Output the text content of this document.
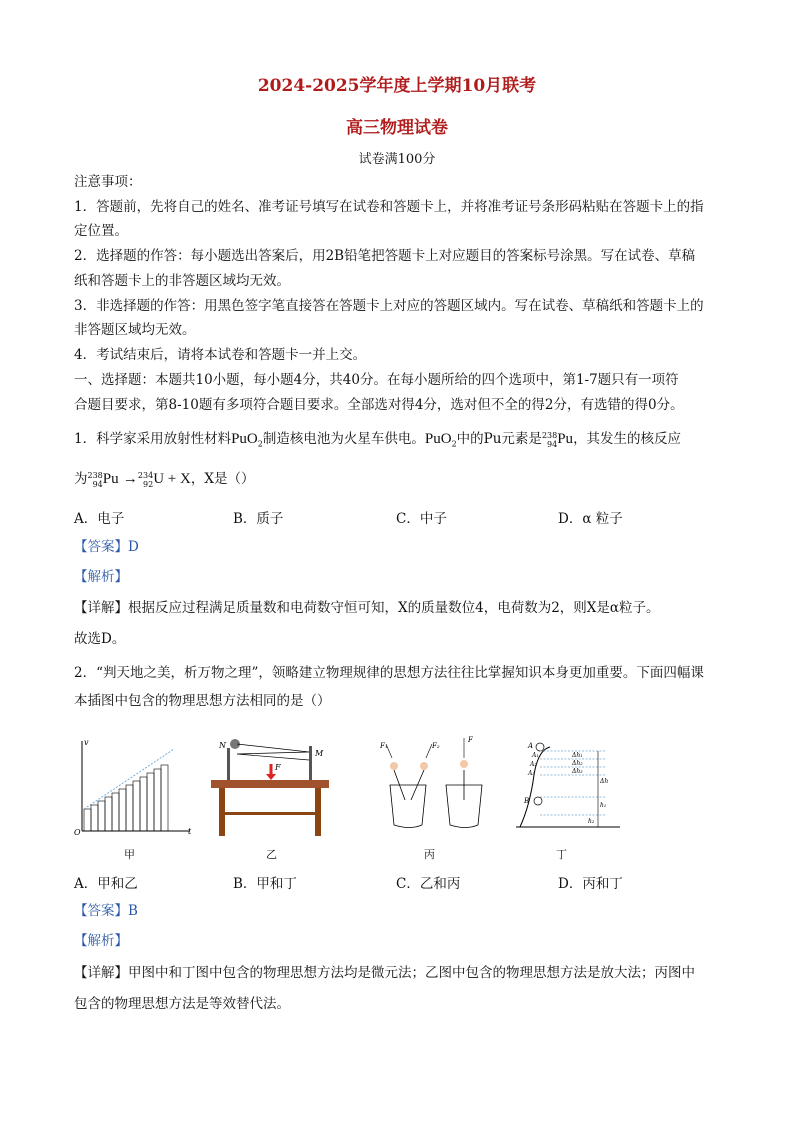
2024-2025学年度上学期10月联考
高三物理试卷
试卷满100分
注意事项：
1．答题前，先将自己的姓名、准考证号填写在试卷和答题卡上，并将准考证号条形码粘贴在答题卡上的指
定位置。
2．选择题的作答：每小题选出答案后，用2B铅笔把答题卡上对应题目的答案标号涂黑。写在试卷、草稿
纸和答题卡上的非答题区域均无效。
3．非选择题的作答：用黑色签字笔直接答在答题卡上对应的答题区域内。写在试卷、草稿纸和答题卡上的
非答题区域均无效。
4．考试结束后，请将本试卷和答题卡一并上交。
一、选择题：本题共10小题，每小题4分，共40分。在每小题所给的四个选项中，第1-7题只有一项符
合题目要求，第8-10题有多项符合题目要求。全部选对得4分，选对但不全的得2分，有选错的得0分。
1．科学家采用放射性材料PuO$_2$制造核电池为火星车供电。PuO$_2$中的Pu元素是238
94Pu，其发生的核反应
为238
94Pu →234
92U + X，X是（）
A．电子	B．质子	C．中子	D．α 粒子
【答案】D
【解析】
【详解】根据反应过程满足质量数和电荷数守恒可知，X的质量数位4，电荷数为2，则X是α粒子。
故选D。
2．“判天地之美，析万物之理”，领略建立物理规律的思想方法往往比掌握知识本身更加重要。下面四幅课
本插图中包含的物理思想方法相同的是（）
v
t
O
甲
N
M
F
乙
F₁	F₂
F
丙
A
A₁
A₂
A₃
B
Δh₁
Δh₂
Δh₃
Δh
h₁
h₂
丁
A．甲和乙	B．甲和丁	C．乙和丙	D．丙和丁
【答案】B
【解析】
【详解】甲图中和丁图中包含的物理思想方法均是微元法；乙图中包含的物理思想方法是放大法；丙图中
包含的物理思想方法是等效替代法。
